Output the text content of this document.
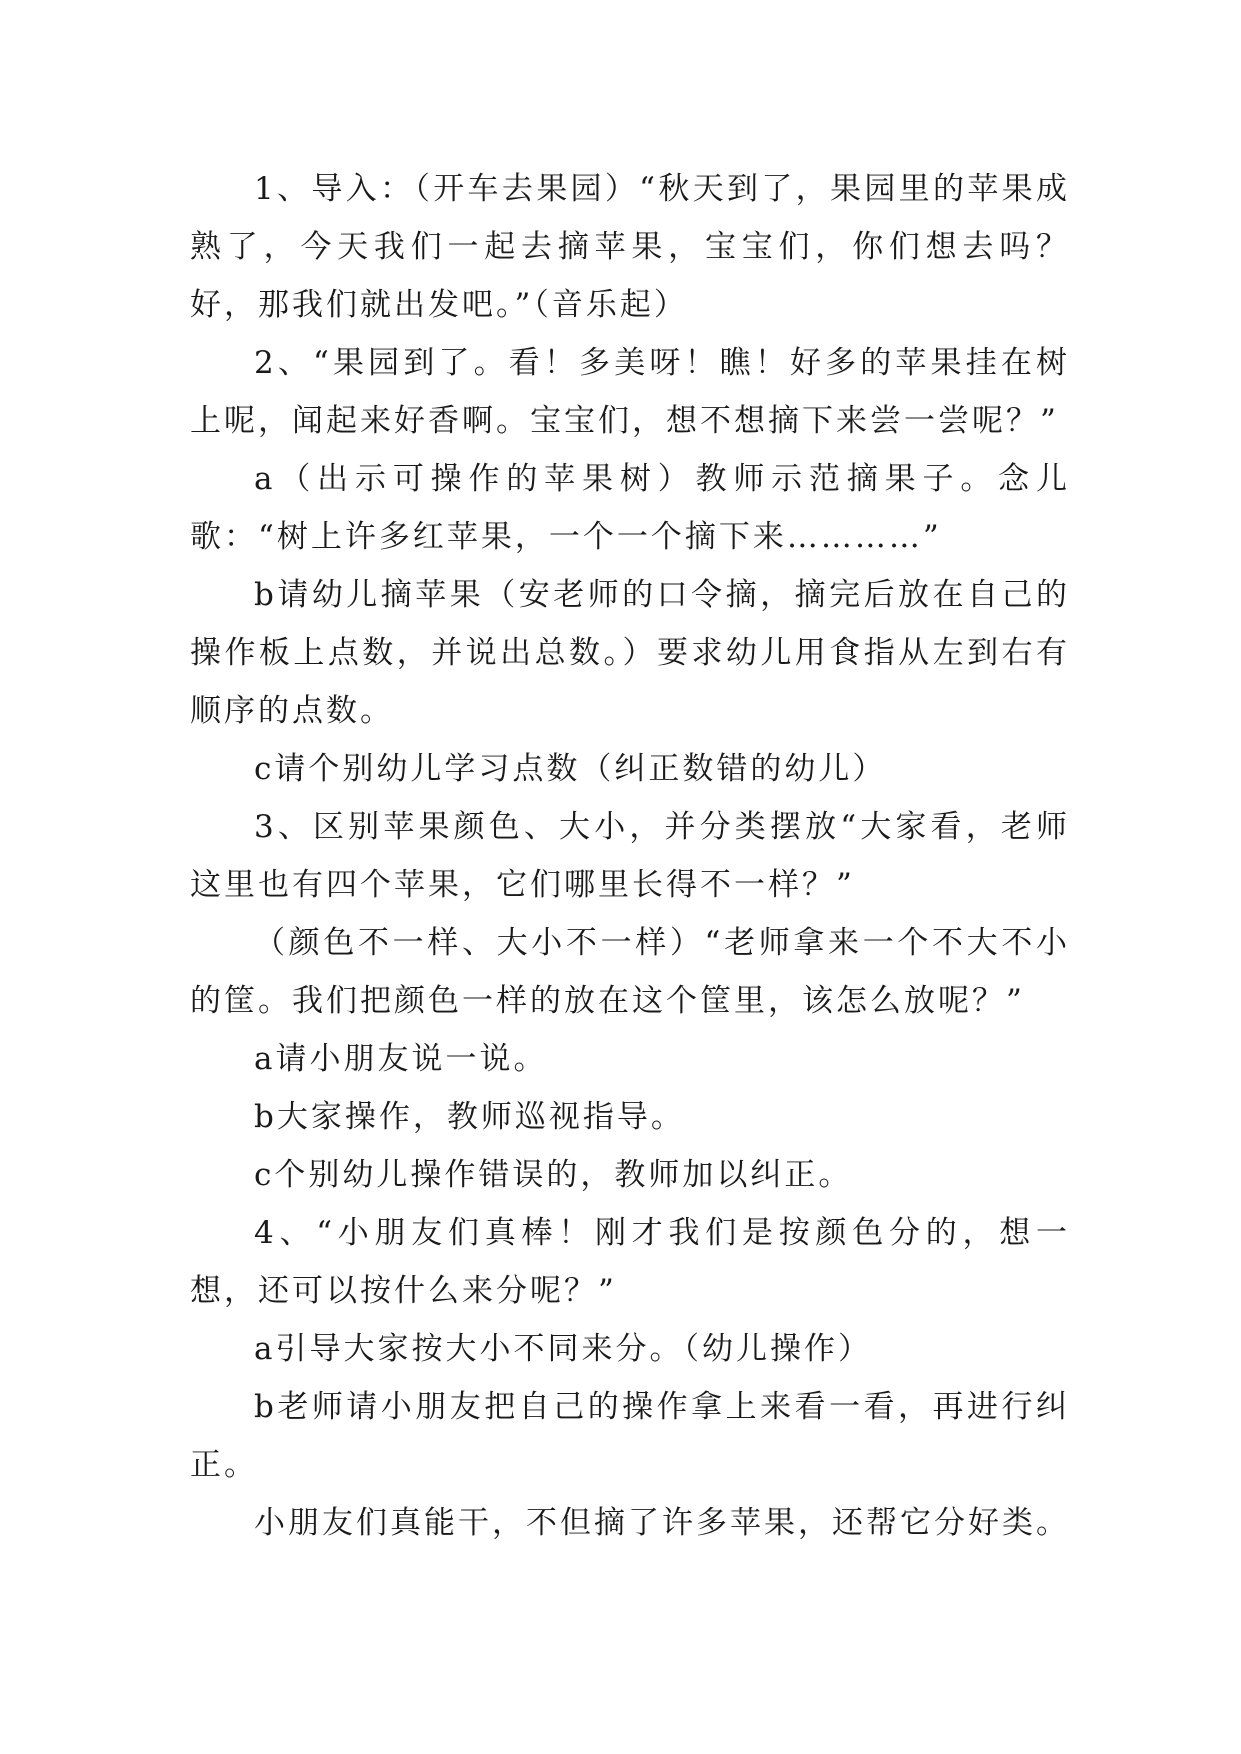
1、导入：（开车去果园）“秋天到了，果园里的苹果成熟了，今天我们一起去摘苹果，宝宝们，你们想去吗？好，那我们就出发吧。”（音乐起）

2、“果园到了。看！多美呀！瞧！好多的苹果挂在树上呢，闻起来好香啊。宝宝们，想不想摘下来尝一尝呢？”

a（出示可操作的苹果树）教师示范摘果子。念儿歌：“树上许多红苹果，一个一个摘下来…………”

b请幼儿摘苹果（安老师的口令摘，摘完后放在自己的操作板上点数，并说出总数。）要求幼儿用食指从左到右有顺序的点数。

c请个别幼儿学习点数（纠正数错的幼儿）

3、区别苹果颜色、大小，并分类摆放“大家看，老师这里也有四个苹果，它们哪里长得不一样？”

（颜色不一样、大小不一样）“老师拿来一个不大不小的筐。我们把颜色一样的放在这个筐里，该怎么放呢？”

a请小朋友说一说。

b大家操作，教师巡视指导。

c个别幼儿操作错误的，教师加以纠正。

4、“小朋友们真棒！刚才我们是按颜色分的，想一想，还可以按什么来分呢？”

a引导大家按大小不同来分。（幼儿操作）

b老师请小朋友把自己的操作拿上来看一看，再进行纠正。

小朋友们真能干，不但摘了许多苹果，还帮它分好类。
